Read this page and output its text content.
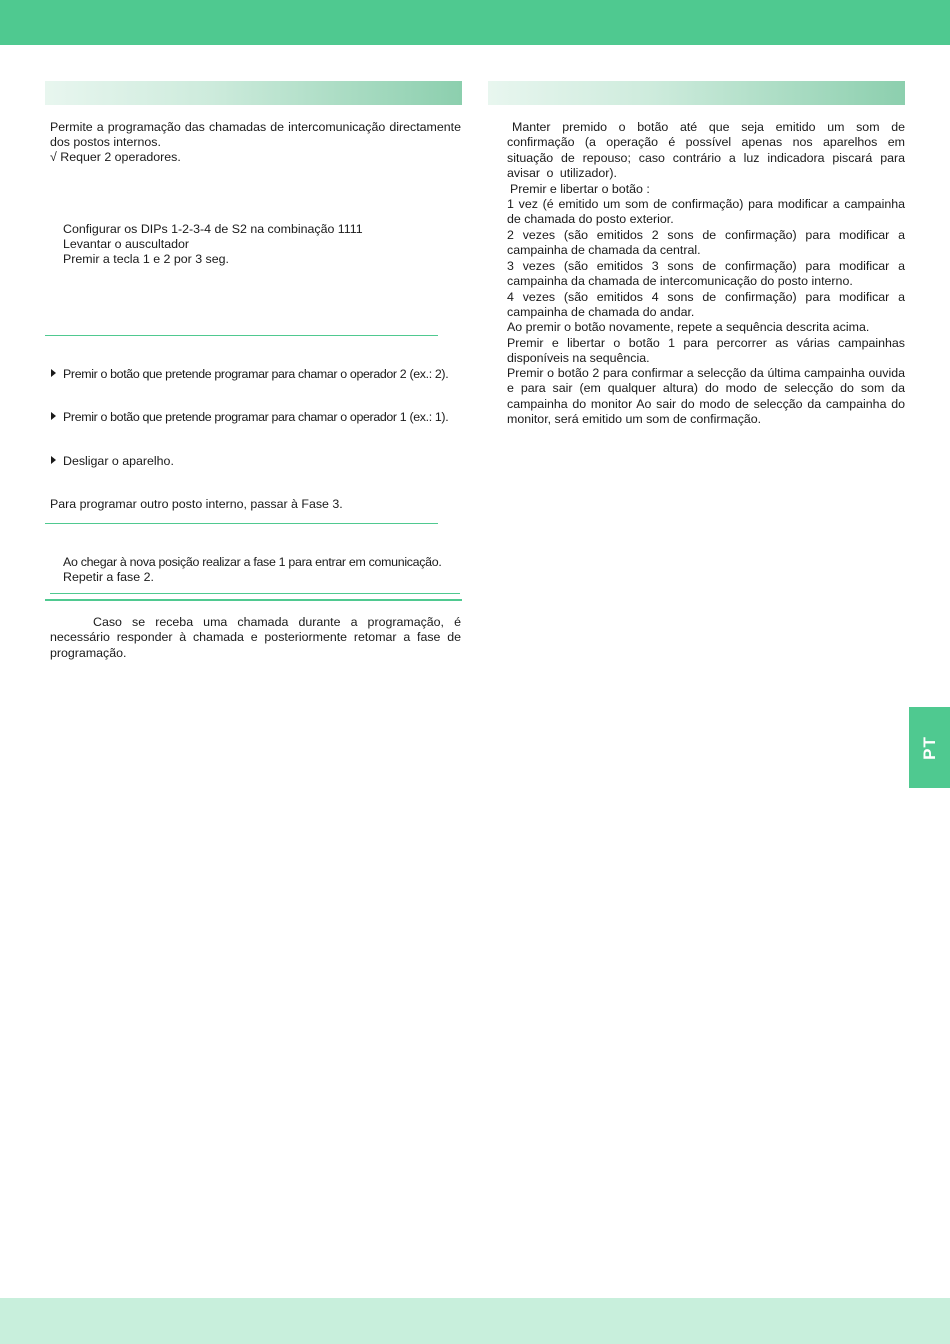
Permite a programação das chamadas de intercomunicação directamente dos postos internos.

√ Requer 2 operadores.

Configurar os DIPs 1-2-3-4 de S2 na combinação 1111

Levantar o auscultador

Premir a tecla 1 e 2 por 3 seg.

Premir o botão que pretende programar para chamar o operador 2 (ex.: 2).

Premir o botão que pretende programar para chamar o operador 1 (ex.: 1).

Desligar o aparelho.

Para programar outro posto interno, passar à Fase 3.

Ao chegar à nova posição realizar a fase 1 para entrar em comunicação.

Repetir a fase 2.

Caso se receba uma chamada durante a programação, é necessário responder à chamada e posteriormente retomar a fase de programação.

Manter premido o botão até que seja emitido um som de confirmação (a operação é possível apenas nos aparelhos em situação de repouso; caso contrário a luz indicadora piscará para avisar o utilizador).

Premir e libertar o botão :

1 vez (é emitido um som de confirmação) para modificar a campainha de chamada do posto exterior.

2 vezes (são emitidos 2 sons de confirmação) para modificar a campainha de chamada da central.

3 vezes (são emitidos 3 sons de confirmação) para modificar a campainha da chamada de intercomunicação do posto interno.

4 vezes (são emitidos 4 sons de confirmação) para modificar a campainha de chamada do andar.

Ao premir o botão novamente, repete a sequência descrita acima.

Premir e libertar o botão 1 para percorrer as várias campainhas disponíveis na sequência.

Premir o botão 2 para confirmar a selecção da última campainha ouvida e para sair (em qualquer altura) do modo de selecção do som da campainha do monitor Ao sair do modo de selecção da campainha do monitor, será emitido um som de confirmação.

PT
